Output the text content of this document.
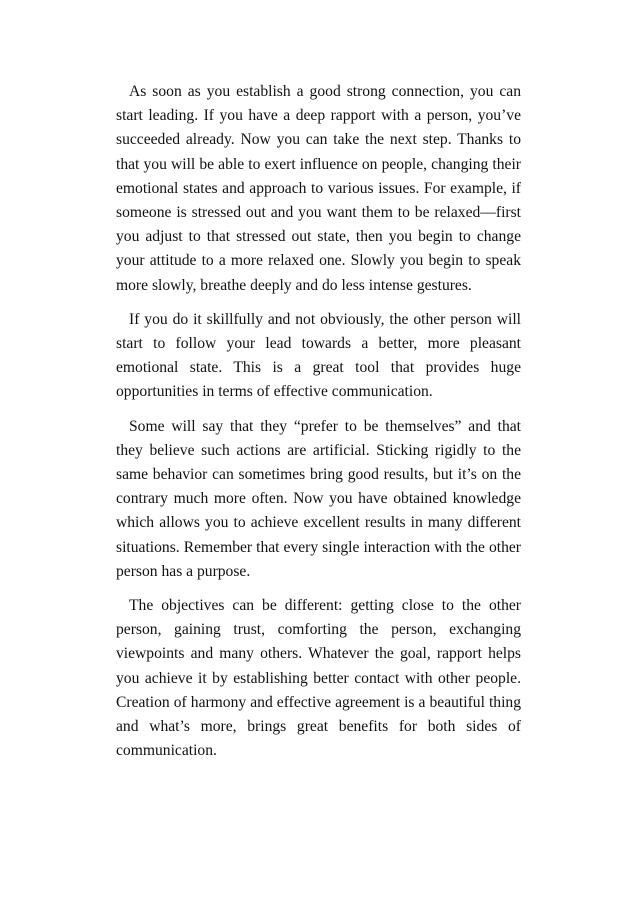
As soon as you establish a good strong connection, you can start leading. If you have a deep rapport with a person, you’ve succeeded already. Now you can take the next step. Thanks to that you will be able to exert influence on people, changing their emotional states and approach to various issues. For example, if someone is stressed out and you want them to be relaxed—first you adjust to that stressed out state, then you begin to change your attitude to a more relaxed one. Slowly you begin to speak more slowly, breathe deeply and do less intense gestures.

If you do it skillfully and not obviously, the other person will start to follow your lead towards a better, more pleasant emotional state. This is a great tool that provides huge opportunities in terms of effective communication.

Some will say that they “prefer to be themselves” and that they believe such actions are artificial. Sticking rigidly to the same behavior can sometimes bring good results, but it’s on the contrary much more often. Now you have obtained knowledge which allows you to achieve excellent results in many different situations. Remember that every single interaction with the other person has a purpose.

The objectives can be different: getting close to the other person, gaining trust, comforting the person, exchanging viewpoints and many others. Whatever the goal, rapport helps you achieve it by establishing better contact with other people. Creation of harmony and effective agreement is a beautiful thing and what’s more, brings great benefits for both sides of communication.
